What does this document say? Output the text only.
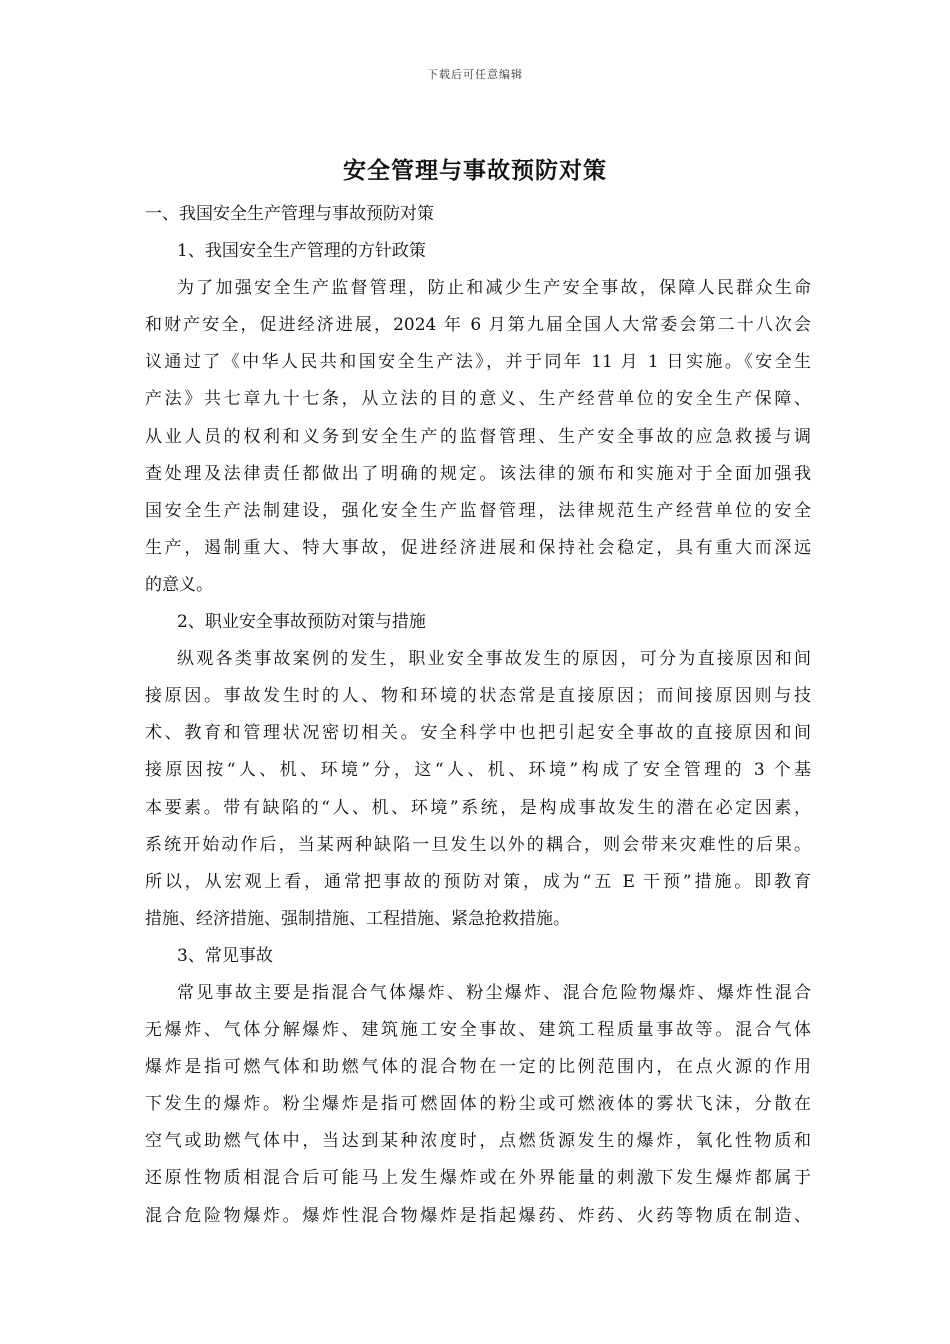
下载后可任意编辑
安全管理与事故预防对策
一、我国安全生产管理与事故预防对策
1、我国安全生产管理的方针政策
为了加强安全生产监督管理，防止和减少生产安全事故，保障人民群众生命
和财产安全，促进经济进展，2024 年 6 月第九届全国人大常委会第二十八次会
议通过了《中华人民共和国安全生产法》，并于同年 11 月 1 日实施。《安全生
产法》共七章九十七条，从立法的目的意义、生产经营单位的安全生产保障、
从业人员的权利和义务到安全生产的监督管理、生产安全事故的应急救援与调
查处理及法律责任都做出了明确的规定。该法律的颁布和实施对于全面加强我
国安全生产法制建设，强化安全生产监督管理，法律规范生产经营单位的安全
生产，遏制重大、特大事故，促进经济进展和保持社会稳定，具有重大而深远
的意义。
2、职业安全事故预防对策与措施
纵观各类事故案例的发生，职业安全事故发生的原因，可分为直接原因和间
接原因。事故发生时的人、物和环境的状态常是直接原因；而间接原因则与技
术、教育和管理状况密切相关。安全科学中也把引起安全事故的直接原因和间
接原因按“人、机、环境”分，这“人、机、环境”构成了安全管理的 3 个基
本要素。带有缺陷的“人、机、环境”系统，是构成事故发生的潜在必定因素，
系统开始动作后，当某两种缺陷一旦发生以外的耦合，则会带来灾难性的后果。
所以，从宏观上看，通常把事故的预防对策，成为“五 E 干预”措施。即教育
措施、经济措施、强制措施、工程措施、紧急抢救措施。
3、常见事故
常见事故主要是指混合气体爆炸、粉尘爆炸、混合危险物爆炸、爆炸性混合
无爆炸、气体分解爆炸、建筑施工安全事故、建筑工程质量事故等。混合气体
爆炸是指可燃气体和助燃气体的混合物在一定的比例范围内，在点火源的作用
下发生的爆炸。粉尘爆炸是指可燃固体的粉尘或可燃液体的雾状飞沫，分散在
空气或助燃气体中，当达到某种浓度时，点燃货源发生的爆炸，氧化性物质和
还原性物质相混合后可能马上发生爆炸或在外界能量的刺激下发生爆炸都属于
混合危险物爆炸。爆炸性混合物爆炸是指起爆药、炸药、火药等物质在制造、
